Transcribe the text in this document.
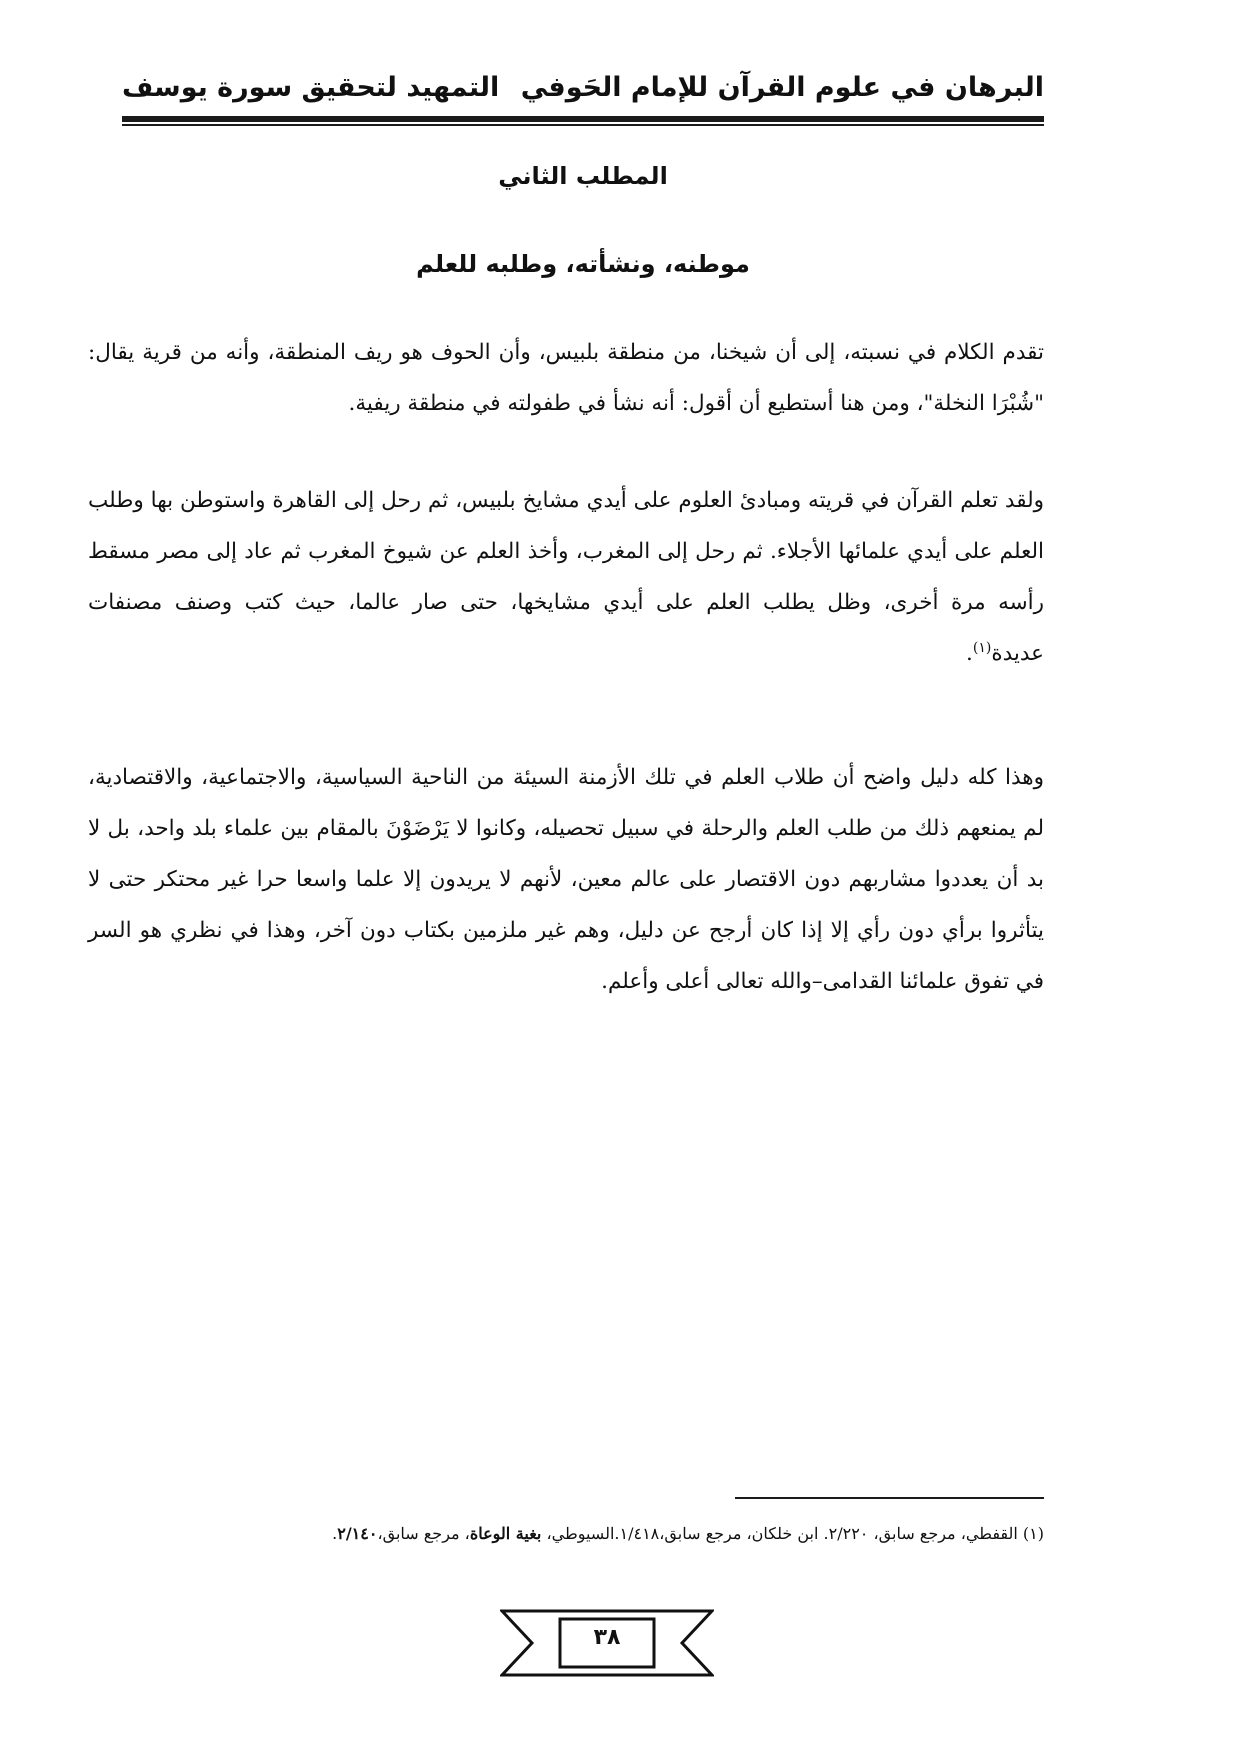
البرهان في علوم القرآن للإمام الحَوفي
التمهيد لتحقيق سورة يوسف
المطلب الثاني
موطنه، ونشأته، وطلبه للعلم
تقدم الكلام في نسبته، إلى أن شيخنا، من منطقة بلبيس، وأن الحوف هو ريف المنطقة، وأنه من قرية يقال: "شُبْرَا النخلة"، ومن هنا أستطيع أن أقول: أنه نشأ في طفولته في منطقة ريفية.
ولقد تعلم القرآن في قريته ومبادئ العلوم على أيدي مشايخ بلبيس، ثم رحل إلى القاهرة واستوطن بها وطلب العلم على أيدي علمائها الأجلاء. ثم رحل إلى المغرب، وأخذ العلم عن شيوخ المغرب ثم عاد إلى مصر مسقط رأسه مرة أخرى، وظل يطلب العلم على أيدي مشايخها، حتى صار عالما، حيث كتب وصنف مصنفات عديدة$^{(١)}$.
وهذا كله دليل واضح أن طلاب العلم في تلك الأزمنة السيئة من الناحية السياسية، والاجتماعية، والاقتصادية، لم يمنعهم ذلك من طلب العلم والرحلة في سبيل تحصيله، وكانوا لا يَرْضَوْنَ بالمقام بين علماء بلد واحد، بل لا بد أن يعددوا مشاربهم دون الاقتصار على عالم معين، لأنهم لا يريدون إلا علما واسعا حرا غير محتكر حتى لا يتأثروا برأي دون رأي إلا إذا كان أرجح عن دليل، وهم غير ملزمين بكتاب دون آخر، وهذا في نظري هو السر في تفوق علمائنا القدامى–والله تعالى أعلى وأعلم.
(١) القفطي، مرجع سابق، ٢/٢٢٠. ابن خلكان، مرجع سابق،١/٤١٨.السيوطي، بغية الوعاة، مرجع سابق،٢/١٤٠.
٣٨
